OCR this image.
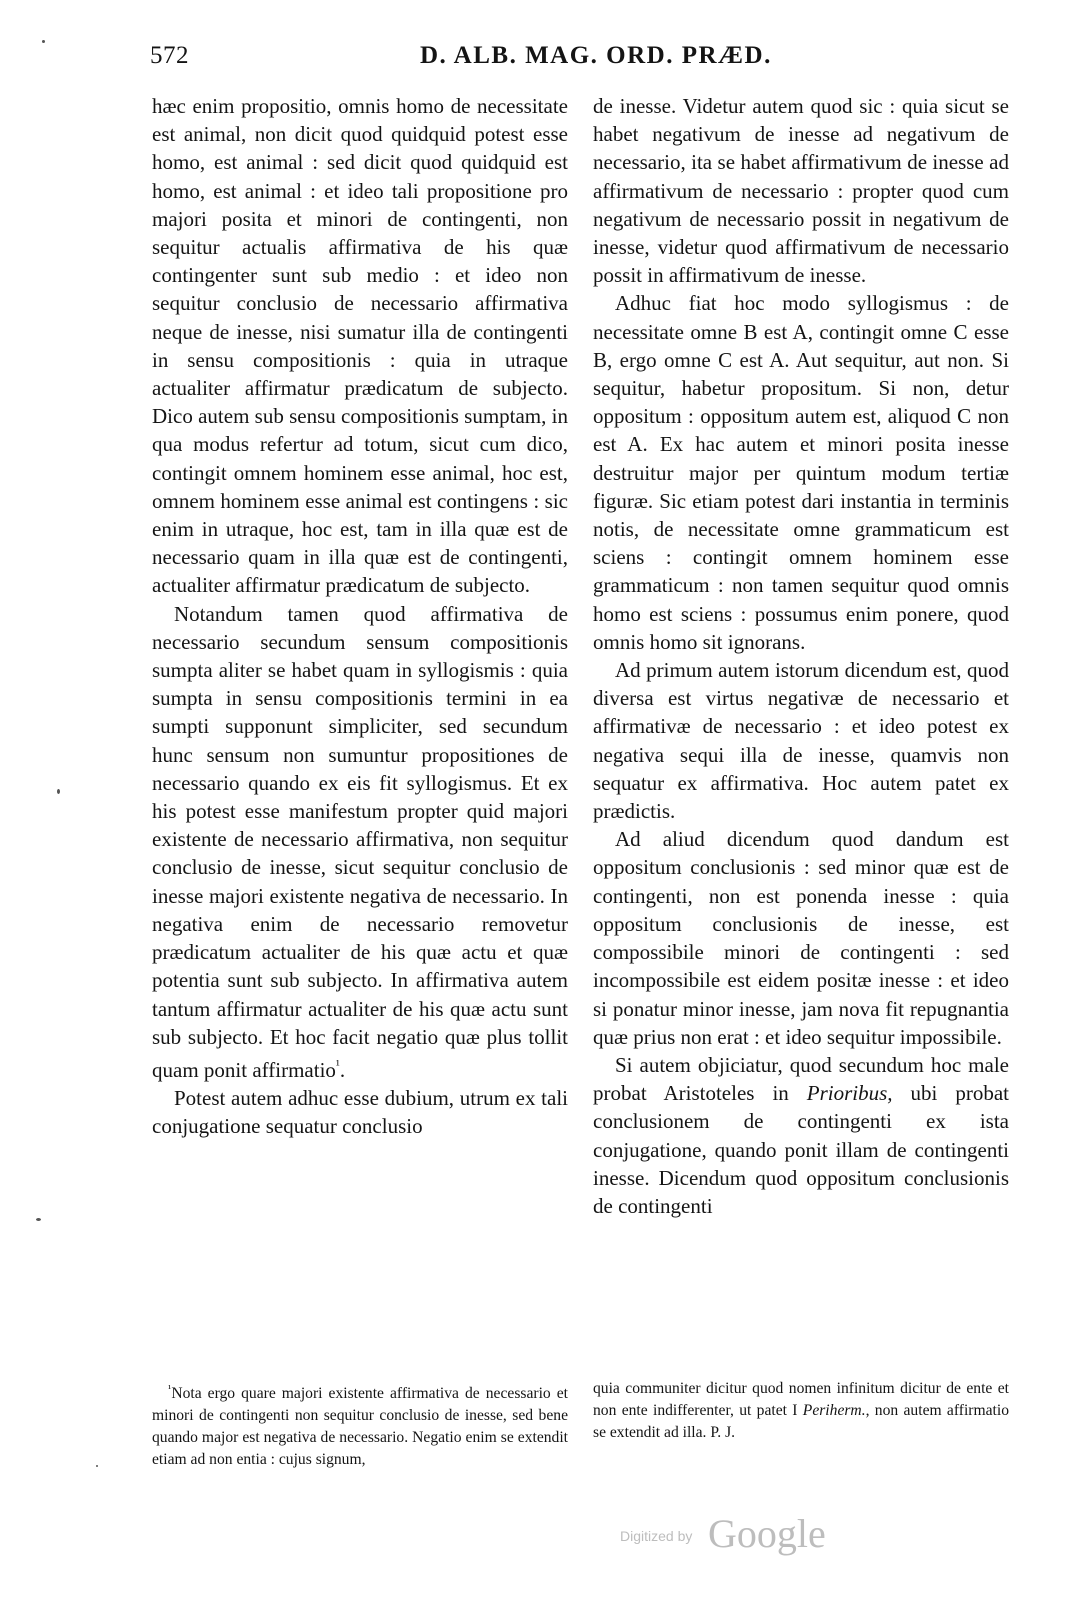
572	D. ALB. MAG. ORD. PRÆD.

hæc enim propositio, omnis homo de necessitate est animal, non dicit quod quidquid potest esse homo, est animal : sed dicit quod quidquid est homo, est animal : et ideo tali propositione pro majori posita et minori de contingenti, non sequitur actualis affirmativa de his quæ contingenter sunt sub medio : et ideo non sequitur conclusio de necessario affirmativa neque de inesse, nisi sumatur illa de contingenti in sensu compositionis : quia in utraque actualiter affirmatur prædicatum de subjecto. Dico autem sub sensu compositionis sumptam, in qua modus refertur ad totum, sicut cum dico, contingit omnem hominem esse animal, hoc est, omnem hominem esse animal est contingens : sic enim in utraque, hoc est, tam in illa quæ est de necessario quam in illa quæ est de contingenti, actualiter affirmatur prædicatum de subjecto.

Notandum tamen quod affirmativa de necessario secundum sensum compositionis sumpta aliter se habet quam in syllogismis : quia sumpta in sensu compositionis termini in ea sumpti supponunt simpliciter, sed secundum hunc sensum non sumuntur propositiones de necessario quando ex eis fit syllogismus. Et ex his potest esse manifestum propter quid majori existente de necessario affirmativa, non sequitur conclusio de inesse, sicut sequitur conclusio de inesse majori existente negativa de necessario. In negativa enim de necessario removetur prædicatum actualiter de his quæ actu et quæ potentia sunt sub subjecto. In affirmativa autem tantum affirmatur actualiter de his quæ actu sunt sub subjecto. Et hoc facit negatio quæ plus tollit quam ponit affirmatio$^{^1}$.

Potest autem adhuc esse dubium, utrum ex tali conjugatione sequatur conclusio

de inesse. Videtur autem quod sic : quia sicut se habet negativum de inesse ad negativum de necessario, ita se habet affirmativum de inesse ad affirmativum de necessario : propter quod cum negativum de necessario possit in negativum de inesse, videtur quod affirmativum de necessario possit in affirmativum de inesse.

Adhuc fiat hoc modo syllogismus : de necessitate omne B est A, contingit omne C esse B, ergo omne C est A. Aut sequitur, aut non. Si sequitur, habetur propositum. Si non, detur oppositum : oppositum autem est, aliquod C non est A. Ex hac autem et minori posita inesse destruitur major per quintum modum tertiæ figuræ. Sic etiam potest dari instantia in terminis notis, de necessitate omne grammaticum est sciens : contingit omnem hominem esse grammaticum : non tamen sequitur quod omnis homo est sciens : possumus enim ponere, quod omnis homo sit ignorans.

Ad primum autem istorum dicendum est, quod diversa est virtus negativæ de necessario et affirmativæ de necessario : et ideo potest ex negativa sequi illa de inesse, quamvis non sequatur ex affirmativa. Hoc autem patet ex prædictis.

Ad aliud dicendum quod dandum est oppositum conclusionis : sed minor quæ est de contingenti, non est ponenda inesse : quia oppositum conclusionis de inesse, est compossibile minori de contingenti : sed incompossibile est eidem positæ inesse : et ideo si ponatur minor inesse, jam nova fit repugnantia quæ prius non erat : et ideo sequitur impossibile.

Si autem objiciatur, quod secundum hoc male probat Aristoteles in Prioribus, ubi probat conclusionem de contingenti ex ista conjugatione, quando ponit illam de contingenti inesse. Dicendum quod oppositum conclusionis de contingenti

$^{^1}$Nota ergo quare majori existente affirmativa de necessario et minori de contingenti non sequitur conclusio de inesse, sed bene quando major est negativa de necessario. Negatio enim se extendit etiam ad non entia : cujus signum,

quia communiter dicitur quod nomen infinitum dicitur de ente et non ente indifferenter, ut patet I Periherm., non autem affirmatio se extendit ad illa. P. J.

Digitized by Google
